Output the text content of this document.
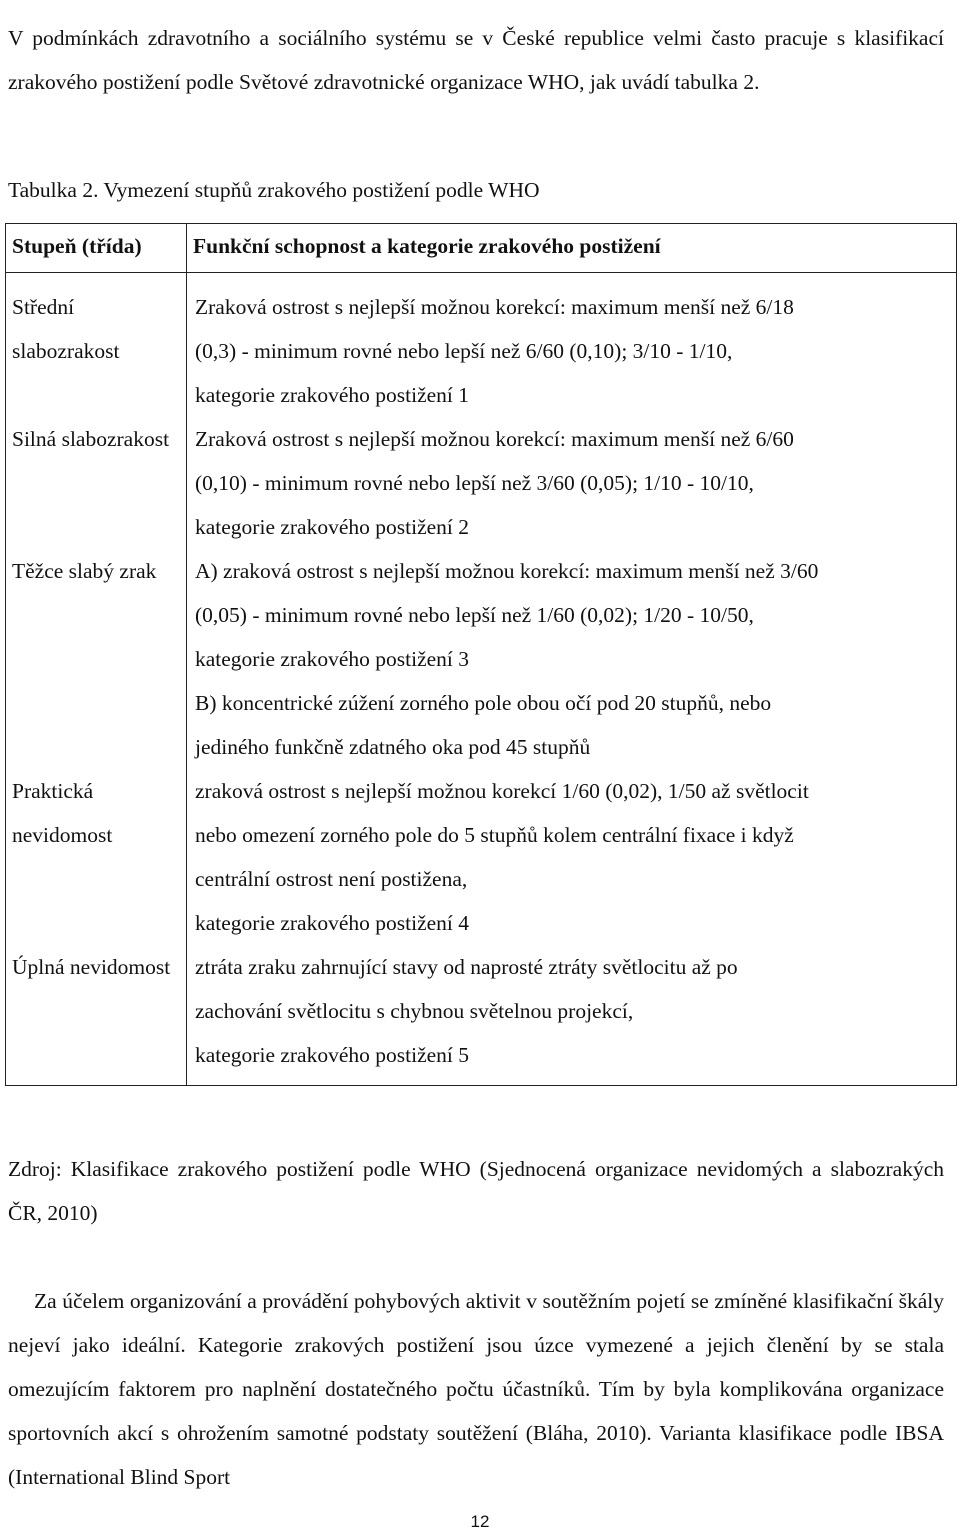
V podmínkách zdravotního a sociálního systému se v České republice velmi často pracuje s klasifikací zrakového postižení podle Světové zdravotnické organizace WHO, jak uvádí tabulka 2.

Tabulka 2. Vymezení stupňů zrakového postižení podle WHO
Stupeň (třída)	Funkční schopnost a kategorie zrakového postižení
Střední slabozrakost	Zraková ostrost s nejlepší možnou korekcí: maximum menší než 6/18
(0,3) - minimum rovné nebo lepší než 6/60 (0,10); 3/10 - 1/10,
kategorie zrakového postižení 1

Silná slabozrakost	Zraková ostrost s nejlepší možnou korekcí: maximum menší než 6/60
(0,10) - minimum rovné nebo lepší než 3/60 (0,05); 1/10 - 10/10,
kategorie zrakového postižení 2

Těžce slabý zrak	A) zraková ostrost s nejlepší možnou korekcí: maximum menší než 3/60
(0,05) - minimum rovné nebo lepší než 1/60 (0,02); 1/20 - 10/50,
kategorie zrakového postižení 3
B) koncentrické zúžení zorného pole obou očí pod 20 stupňů, nebo
jediného funkčně zdatného oka pod 45 stupňů

Praktická nevidomost	zraková ostrost s nejlepší možnou korekcí 1/60 (0,02), 1/50 až světlocit
nebo omezení zorného pole do 5 stupňů kolem centrální fixace i když
centrální ostrost není postižena,
kategorie zrakového postižení 4

Úplná nevidomost	ztráta zraku zahrnující stavy od naprosté ztráty světlocitu až po
zachování světlocitu s chybnou světelnou projekcí,
kategorie zrakového postižení 5

Zdroj: Klasifikace zrakového postižení podle WHO (Sjednocená organizace nevidomých a slabozrakých ČR, 2010)

Za účelem organizování a provádění pohybových aktivit v soutěžním pojetí se zmíněné klasifikační škály nejeví jako ideální. Kategorie zrakových postižení jsou úzce vymezené a jejich členění by se stala omezujícím faktorem pro naplnění dostatečného počtu účastníků. Tím by byla komplikována organizace sportovních akcí s ohrožením samotné podstaty soutěžení (Bláha, 2010). Varianta klasifikace podle IBSA (International Blind Sport

12
